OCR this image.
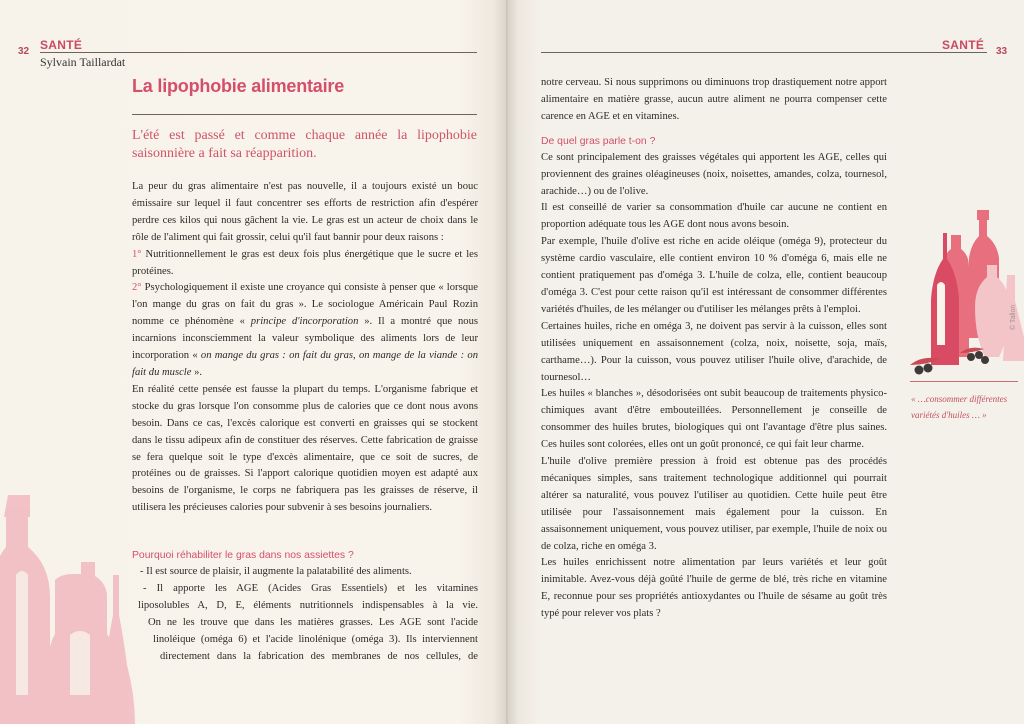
32 SANTÉ
Sylvain Taillardat
La lipophobie alimentaire

L'été est passé et comme chaque année la lipophobie saisonnière a fait sa réapparition.

La peur du gras alimentaire n'est pas nouvelle, il a toujours existé un bouc émissaire sur lequel il faut concentrer ses efforts de restriction afin d'espérer perdre ces kilos qui nous gâchent la vie. Le gras est un acteur de choix dans le rôle de l'aliment qui fait grossir, celui qu'il faut bannir pour deux raisons :

1° Nutritionnellement le gras est deux fois plus énergétique que le sucre et les protéines.

2° Psychologiquement il existe une croyance qui consiste à penser que « lorsque l'on mange du gras on fait du gras ». Le sociologue Américain Paul Rozin nomme ce phénomène « principe d'incorporation ». Il a montré que nous incarnions inconsciemment la valeur symbolique des aliments lors de leur incorporation « on mange du gras : on fait du gras, on mange de la viande : on fait du muscle ».

En réalité cette pensée est fausse la plupart du temps. L'organisme fabrique et stocke du gras lorsque l'on consomme plus de calories que ce dont nous avons besoin. Dans ce cas, l'excès calorique est converti en graisses qui se stockent dans le tissu adipeux afin de constituer des réserves. Cette fabrication de graisse se fera quelque soit le type d'excès alimentaire, que ce soit de sucres, de protéines ou de graisses. Si l'apport calorique quotidien moyen est adapté aux besoins de l'organisme, le corps ne fabriquera pas les graisses de réserve, il utilisera les précieuses calories pour subvenir à ses besoins journaliers.

Pourquoi réhabiliter le gras dans nos assiettes ?
- Il est source de plaisir, il augmente la palatabilité des aliments.
- Il apporte les AGE (Acides Gras Essentiels) et les vitamines
liposolubles A, D, E, éléments nutritionnels indispensables à la vie.
On ne les trouve que dans les matières grasses. Les AGE sont l'acide
linoléique (oméga 6) et l'acide linolénique (oméga 3). Ils interviennent
directement dans la fabrication des membranes de nos cellules, de
SANTÉ 33

notre cerveau. Si nous supprimons ou diminuons trop drastiquement notre apport alimentaire en matière grasse, aucun autre aliment ne pourra compenser cette carence en AGE et en vitamines.

De quel gras parle t-on ?

Ce sont principalement des graisses végétales qui apportent les AGE, celles qui proviennent des graines oléagineuses (noix, noisettes, amandes, colza, tournesol, arachide…) ou de l'olive.

Il est conseillé de varier sa consommation d'huile car aucune ne contient en proportion adéquate tous les AGE dont nous avons besoin.

Par exemple, l'huile d'olive est riche en acide oléique (oméga 9), protecteur du système cardio vasculaire, elle contient environ 10 % d'oméga 6, mais elle ne contient pratiquement pas d'oméga 3. L'huile de colza, elle, contient beaucoup d'oméga 3. C'est pour cette raison qu'il est intéressant de consommer différentes variétés d'huiles, de les mélanger ou d'utiliser les mélanges prêts à l'emploi.

Certaines huiles, riche en oméga 3, ne doivent pas servir à la cuisson, elles sont utilisées uniquement en assaisonnement (colza, noix, noisette, soja, maïs, carthame…). Pour la cuisson, vous pouvez utiliser l'huile olive, d'arachide, de tournesol…

Les huiles « blanches », désodorisées ont subit beaucoup de traitements physico-chimiques avant d'être embouteillées. Personnellement je conseille de consommer des huiles brutes, biologiques qui ont l'avantage d'être plus saines. Ces huiles sont colorées, elles ont un goût prononcé, ce qui fait leur charme.

L'huile d'olive première pression à froid est obtenue pas des procédés mécaniques simples, sans traitement technologique additionnel qui pourrait altérer sa naturalité, vous pouvez l'utiliser au quotidien. Cette huile peut être utilisée pour l'assaisonnement mais également pour la cuisson. En assaisonnement uniquement, vous pouvez utiliser, par exemple, l'huile de noix ou de colza, riche en oméga 3.

Les huiles enrichissent notre alimentation par leurs variétés et leur goût inimitable. Avez-vous déjà goûté l'huile de germe de blé, très riche en vitamine E, reconnue pour ses propriétés antioxydantes ou l'huile de sésame au goût très typé pour relever vos plats ?

« …consommer différentes variétés d'huiles … »

© Tallon
